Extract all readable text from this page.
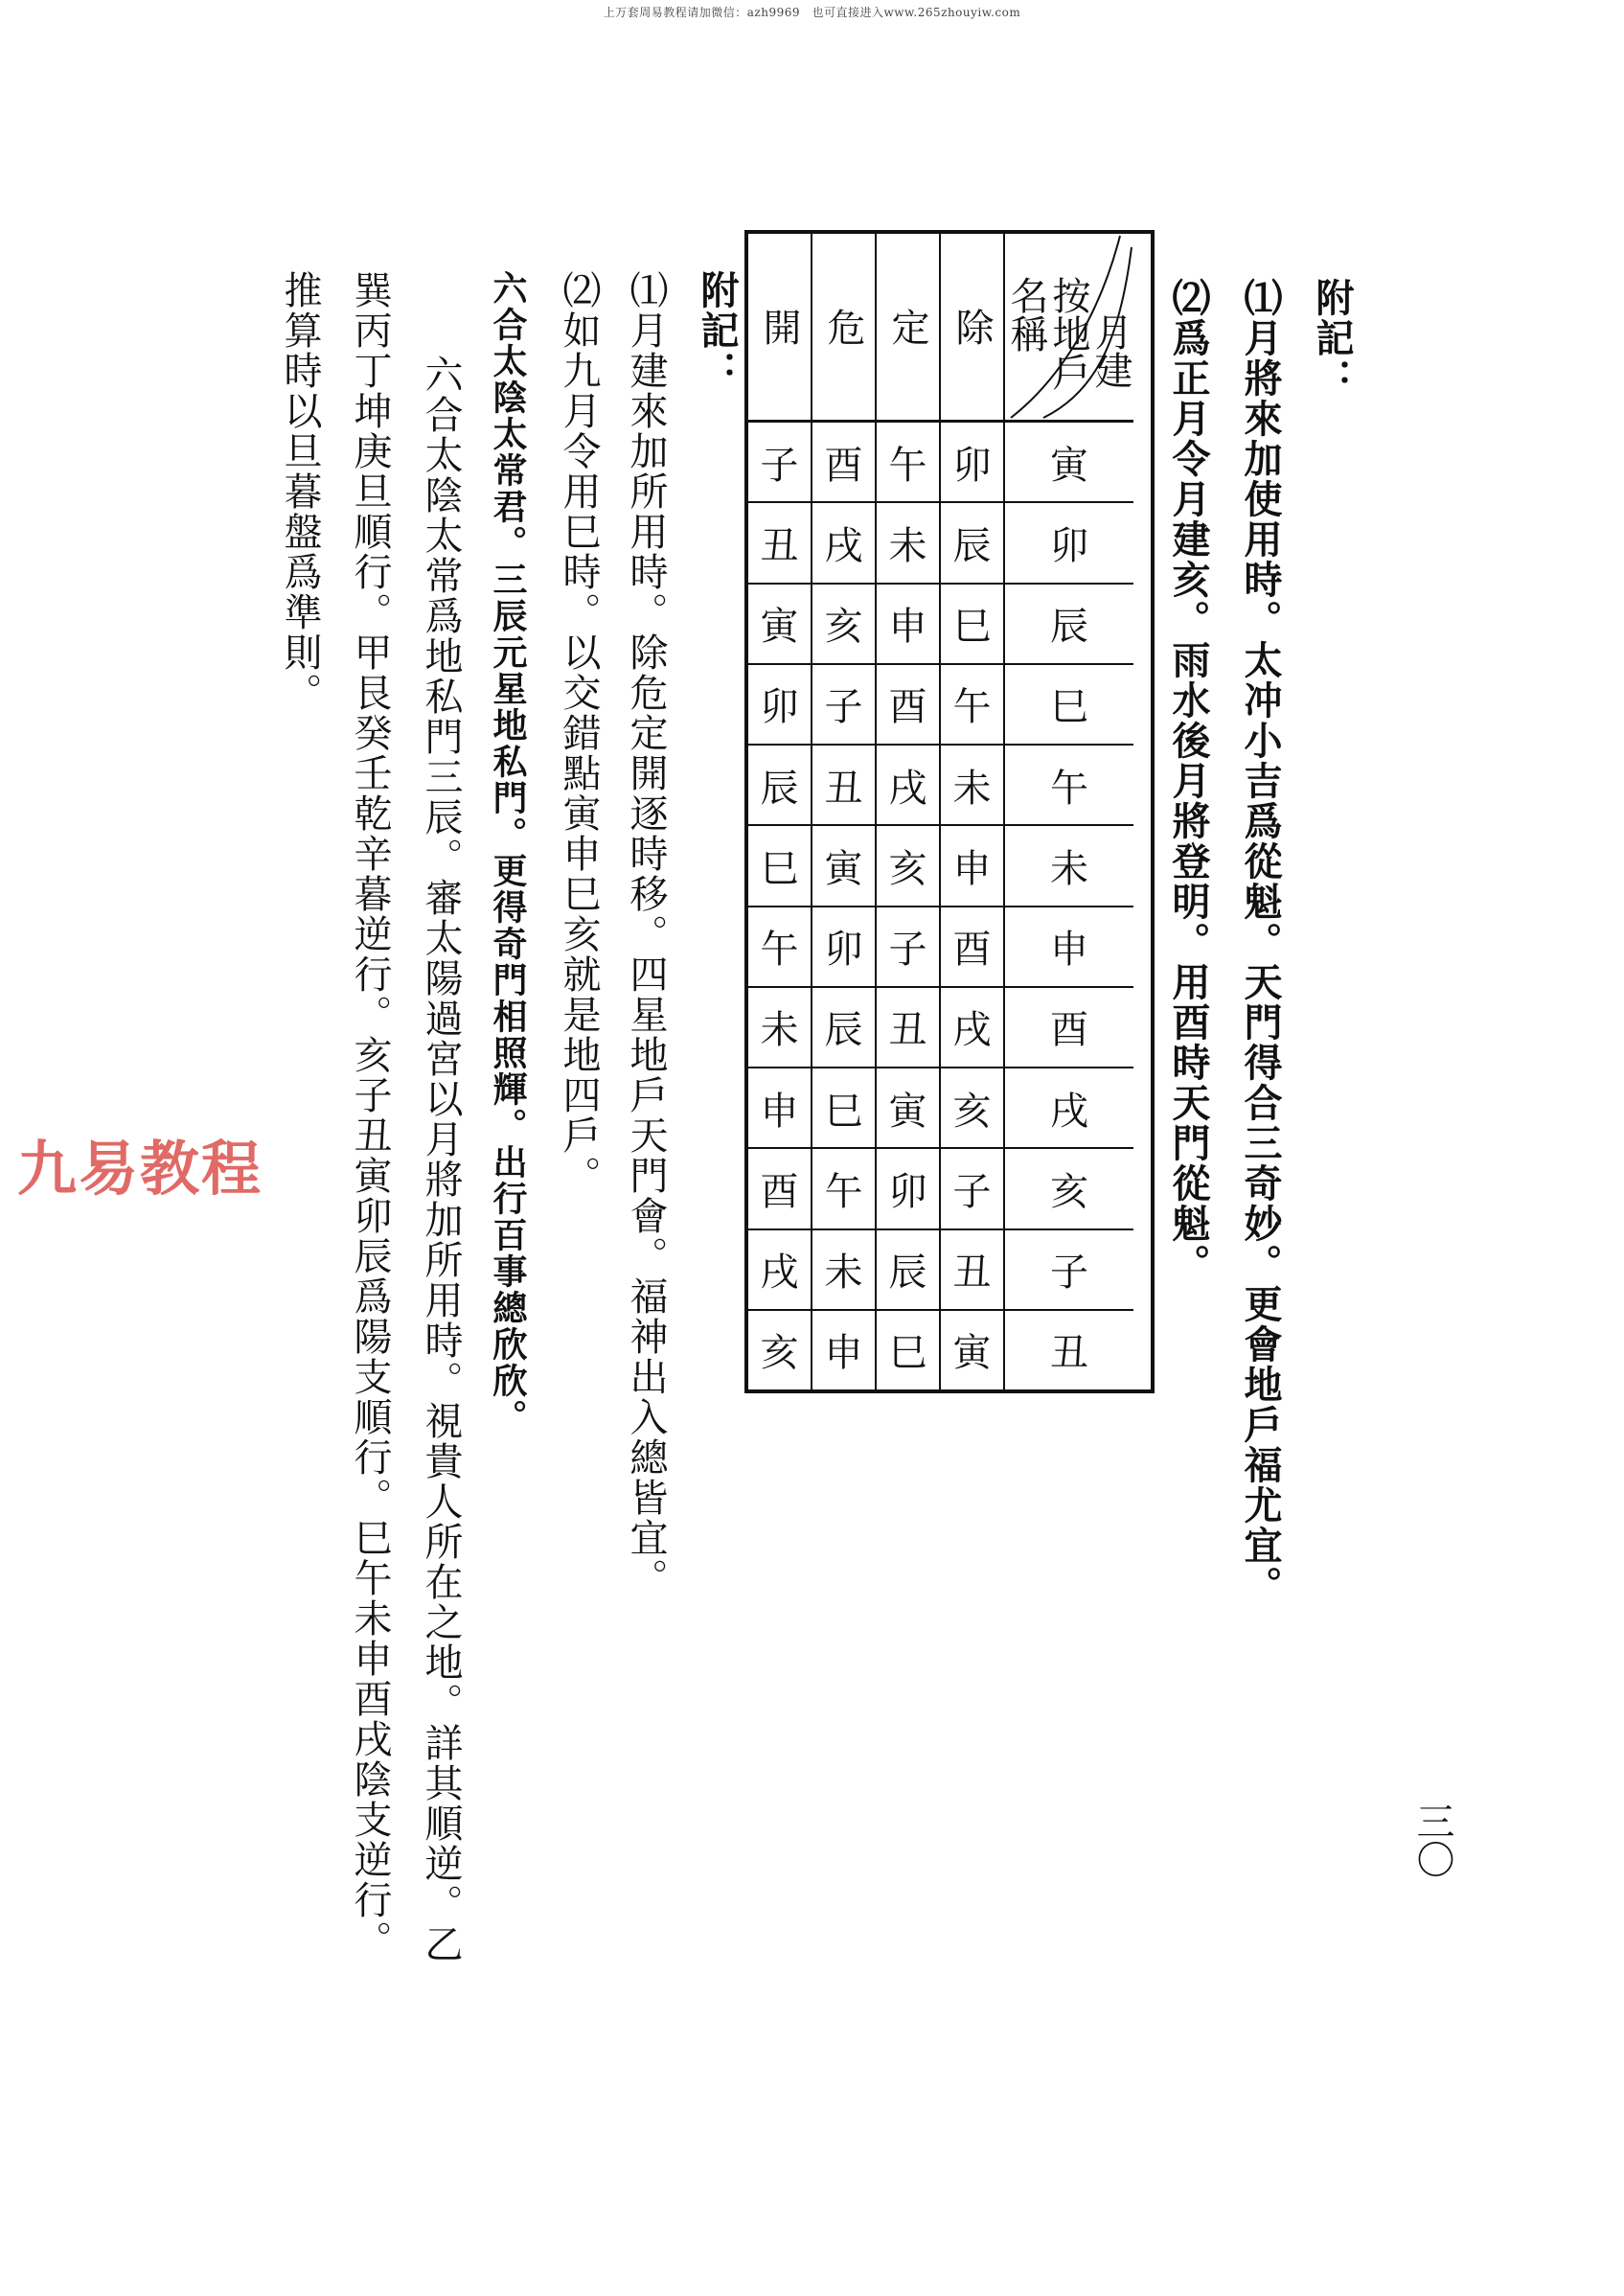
上万套周易教程请加微信：azh9969　也可直接进入www.265zhouyiw.com
附記：
⑴月將來加使用時。太冲小吉爲從魁。天門得合三奇妙。更會地戶福尤宜。
⑵爲正月令月建亥。雨水後月將登明。用酉時天門從魁。
開
子
丑
寅
卯
辰
巳
午
未
申
酉
戌
亥
危
酉
戌
亥
子
丑
寅
卯
辰
巳
午
未
申
定
午
未
申
酉
戌
亥
子
丑
寅
卯
辰
巳
除
卯
辰
巳
午
未
申
酉
戌
亥
子
丑
寅
月建
按地戶
名稱
寅
卯
辰
巳
午
未
申
酉
戌
亥
子
丑
附記：
⑴月建來加所用時。除危定開逐時移。四星地戶天門會。福神出入總皆宜。
⑵如九月令用巳時。以交錯點寅申巳亥就是地四戶。
六合太陰太常君。三辰元星地私門。更得奇門相照輝。出行百事總欣欣。
六合太陰太常爲地私門三辰。審太陽過宮以月將加所用時。視貴人所在之地。詳其順逆。乙
巽丙丁坤庚旦順行。甲艮癸壬乾辛暮逆行。亥子丑寅卯辰爲陽支順行。巳午未申酉戌陰支逆行。
推算時以旦暮盤爲準則。
九易教程
三〇
